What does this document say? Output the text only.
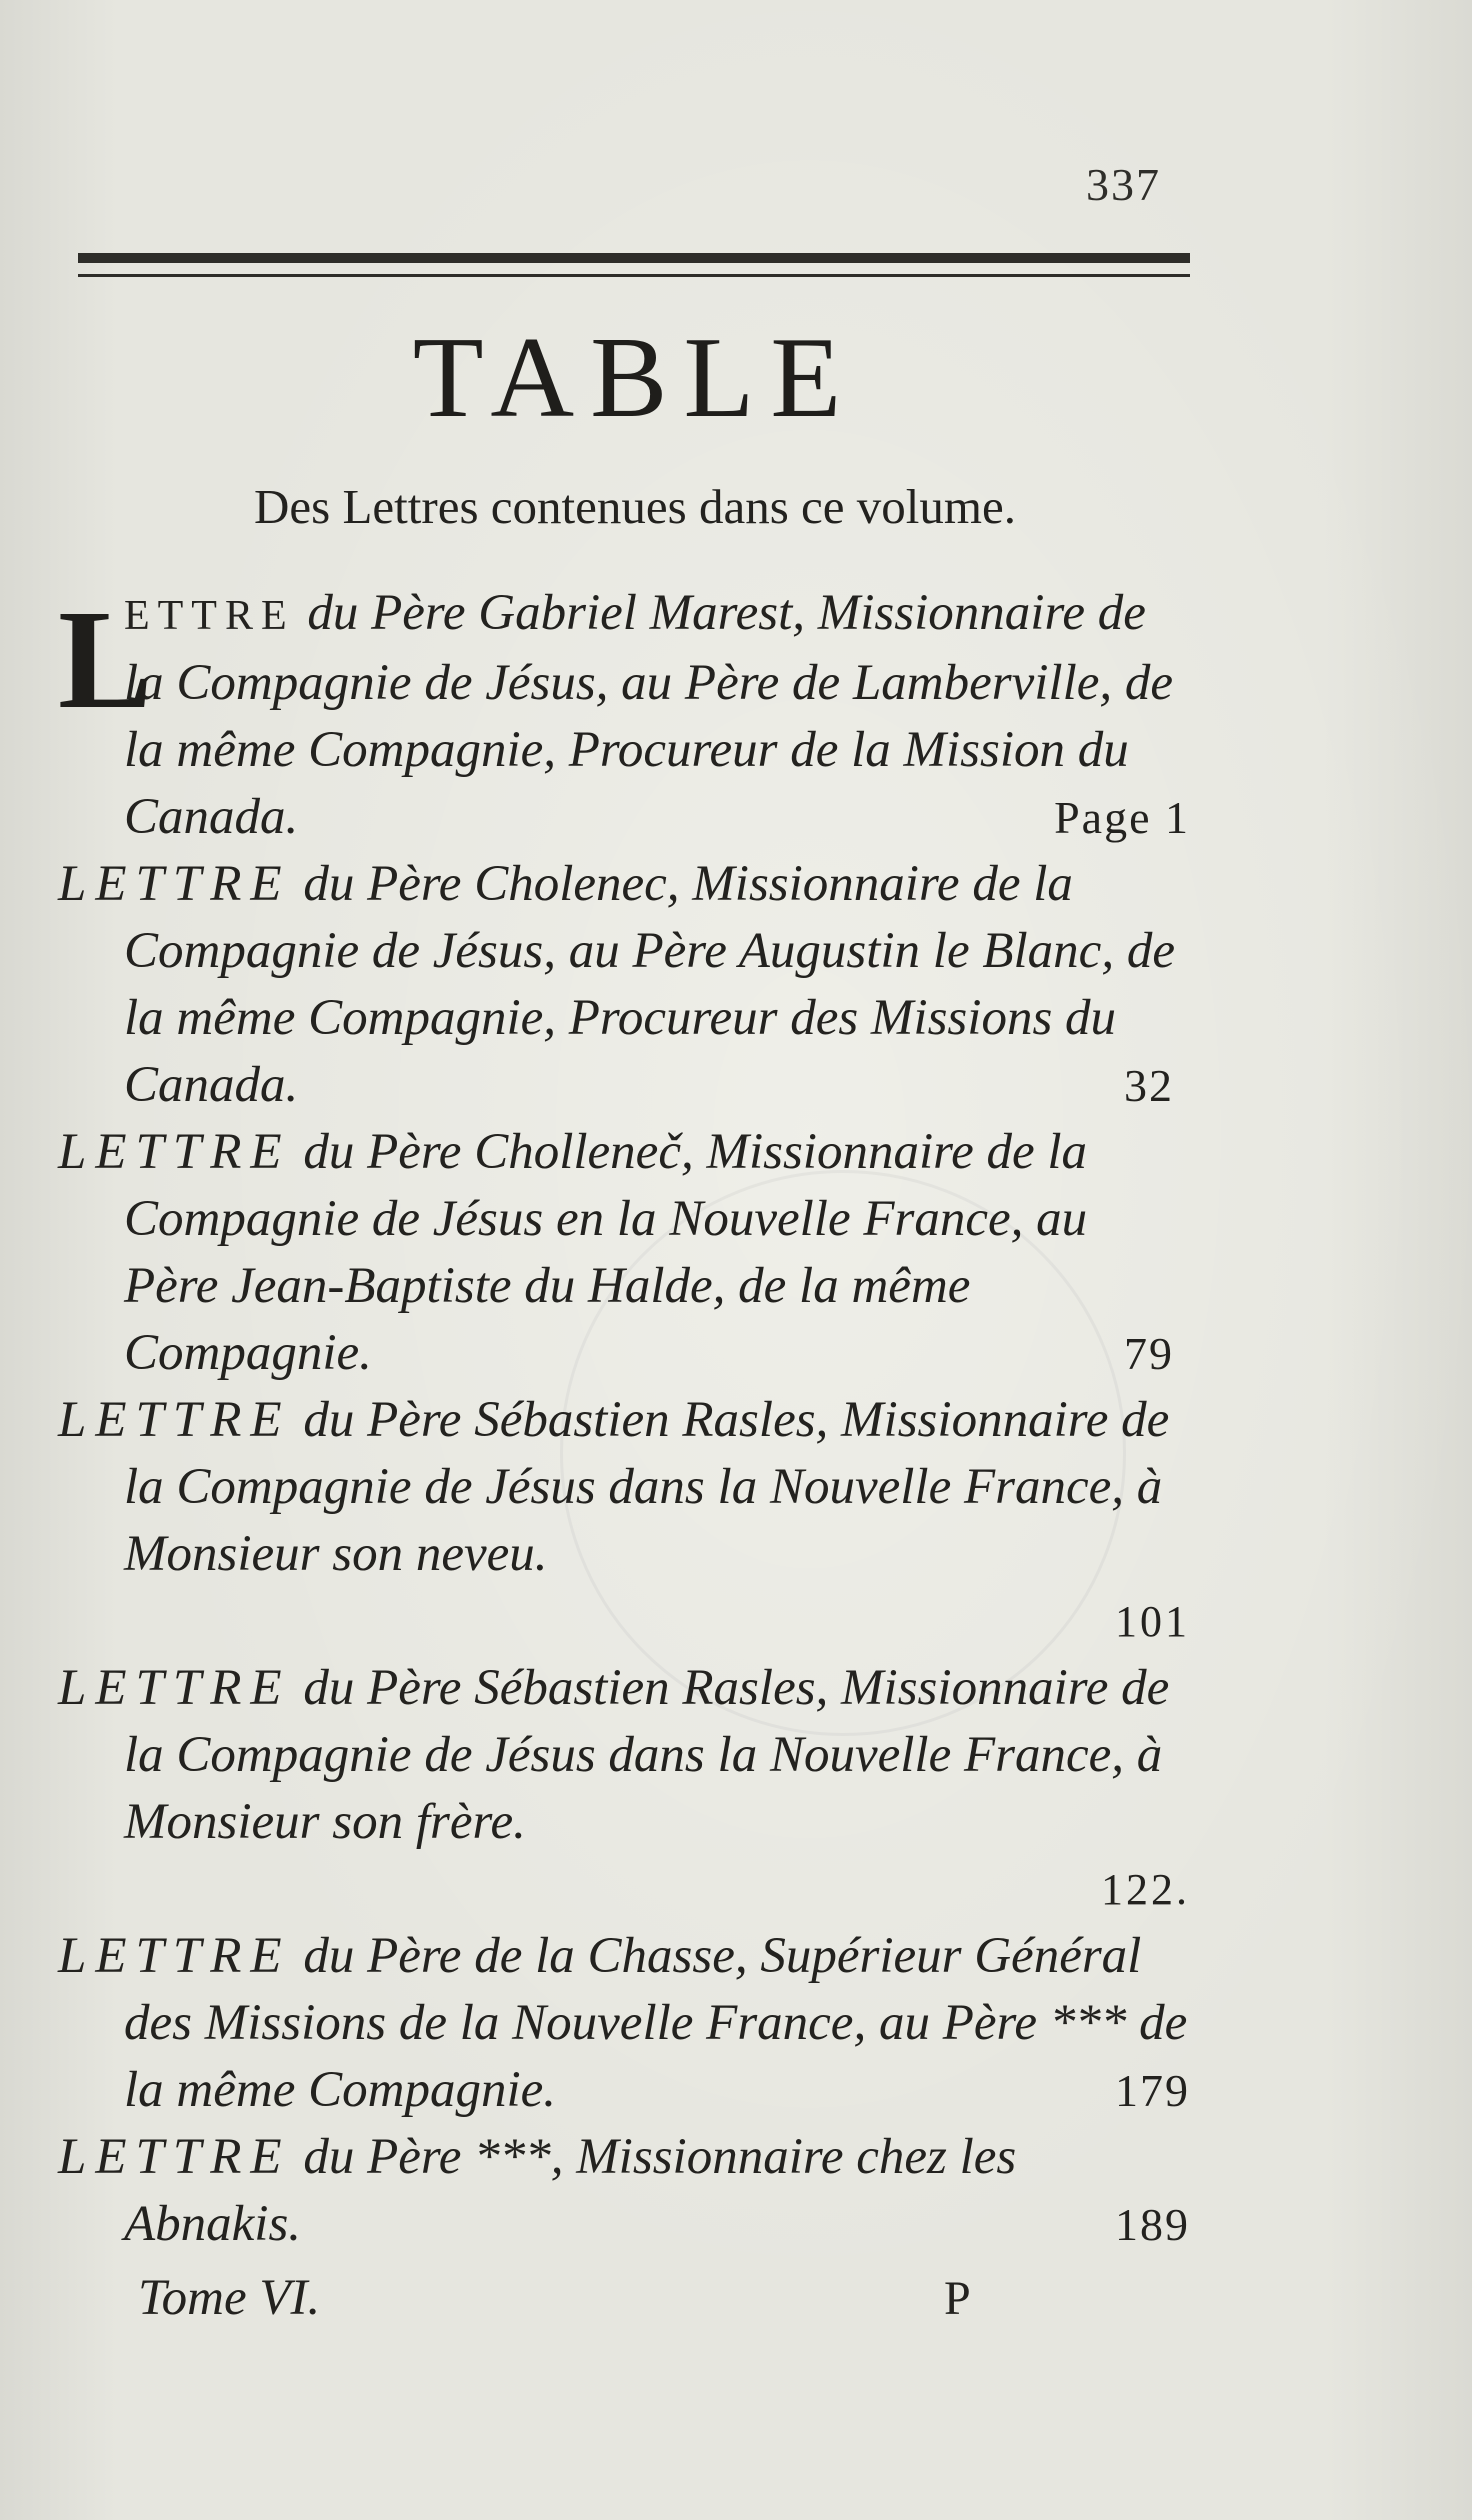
337
TABLE
Des Lettres contenues dans ce volume.

L
ETTRE du Père Gabriel Marest, Missionnaire de la Compagnie de Jésus, au Père de Lamberville, de la même Compagnie, Procureur de la Mission du Canada.	Page 1

LETTRE du Père Cholenec, Missionnaire de la Compagnie de Jésus, au Père Augustin le Blanc, de la même Compagnie, Procureur des Missions du Canada.	32

LETTRE du Père Cholleneč, Missionnaire de la Compagnie de Jésus en la Nouvelle France, au Père Jean-Baptiste du Halde, de la même Compagnie.	79

LETTRE du Père Sébastien Rasles, Missionnaire de la Compagnie de Jésus dans la Nouvelle France, à Monsieur son neveu.
101

LETTRE du Père Sébastien Rasles, Missionnaire de la Compagnie de Jésus dans la Nouvelle France, à Monsieur son frère.
122.

LETTRE du Père de la Chasse, Supérieur Général des Missions de la Nouvelle France, au Père *** de la même Compagnie.	179

LETTRE du Père ***, Missionnaire chez les Abnakis.	189

Tome VI.	P
